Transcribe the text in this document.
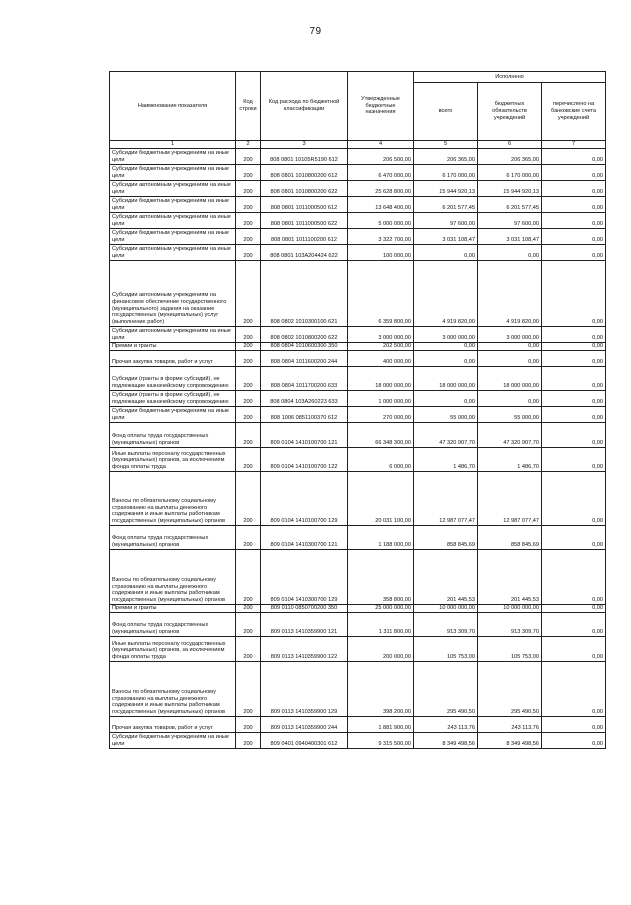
79
Наименование показателя	Код строки	Код расхода по бюджетной классификации	Утвержденные бюджетные назначения	Исполнено		
				всего	бюджетных обязательств учреждений	перечислено на банковские счета учреждений
1	2	3	4	5	6	7
Субсидии бюджетным учреждениям на иные цели	200	808 0801 10105R5190 612	206 500,00	206 365,00	206 365,00	0,00
Субсидии бюджетным учреждениям на иные цели	200	808 0801 1010800200 612	6 470 000,00	6 170 000,00	6 170 000,00	0,00
Субсидии автономным учреждениям на иные цели	200	808 0801 1010800200 622	25 628 800,00	15 944 920,13	15 944 920,13	0,00
Субсидии бюджетным учреждениям на иные цели	200	808 0801 1011000500 612	13 648 400,00	6 201 577,45	6 201 577,45	0,00
Субсидии автономным учреждениям на иные цели	200	808 0801 1011000500 622	5 000 000,00	97 600,00	97 600,00	0,00
Субсидии бюджетным учреждениям на иные цели	200	808 0801 1011100200 612	3 322 700,00	3 031 108,47	3 031 108,47	0,00
Субсидии автономным учреждениям на иные цели	200	808 0801 103A204424 622	100 000,00	0,00	0,00	0,00
Субсидии автономным учреждениям на финансовое обеспечение государственного (муниципального) задания на оказание государственных (муниципальных) услуг (выполнение работ)	200	808 0802 1010300100 621	6 359 800,00	4 919 820,00	4 919 820,00	0,00
Субсидии автономным учреждениям на иные цели	200	808 0802 1010800200 622	3 000 000,00	3 000 000,00	3 000 000,00	0,00
Премии и гранты	200	808 0804 1010600300 350	202 500,00	0,00	0,00	0,00
Прочая закупка товаров, работ и услуг	200	808 0804 1011600200 244	400 000,00	0,00	0,00	0,00
Субсидии (гранты в форме субсидий), не подлежащие казначейскому сопровождению	200	808 0804 1011700200 633	18 000 000,00	18 000 000,00	18 000 000,00	0,00
Субсидии (гранты в форме субсидий), не подлежащие казначейскому сопровождению	200	808 0804 103A260223 633	1 000 000,00	0,00	0,00	0,00
Субсидии бюджетным учреждениям на иные цели	200	808 1006 0851100370 612	270 000,00	55 000,00	55 000,00	0,00
Фонд оплаты труда государственных (муниципальных) органов	200	809 0104 1410100700 121	66 348 300,00	47 320 907,70	47 320 907,70	0,00
Иные выплаты персоналу государственных (муниципальных) органов, за исключением фонда оплаты труда	200	809 0104 1410100700 122	6 000,00	1 486,70	1 486,70	0,00
Взносы по обязательному социальному страхованию на выплаты денежного содержания и иные выплаты работникам государственных (муниципальных) органов	200	809 0104 1410100700 129	20 031 100,00	12 987 077,47	12 987 077,47	0,00
Фонд оплаты труда государственных (муниципальных) органов	200	809 0104 1410300700 121	1 188 000,00	858 845,69	858 845,69	0,00
Взносы по обязательному социальному страхованию на выплаты денежного содержания и иные выплаты работникам государственных (муниципальных) органов	200	809 0104 1410300700 129	358 800,00	201 445,53	201 445,53	0,00
Премии и гранты	200	809 0110 0850700200 350	25 000 000,00	10 000 000,00	10 000 000,00	0,00
Фонд оплаты труда государственных (муниципальных) органов	200	809 0113 1410359900 121	1 311 800,00	913 309,70	913 309,70	0,00
Иные выплаты персоналу государственных (муниципальных) органов, за исключением фонда оплаты труда	200	809 0113 1410359900 122	200 000,00	105 753,00	105 753,00	0,00
Взносы по обязательному социальному страхованию на выплаты денежного содержания и иные выплаты работникам государственных (муниципальных) органов	200	809 0113 1410359900 129	398 200,00	295 490,50	295 490,50	0,00
Прочая закупка товаров, работ и услуг	200	809 0113 1410359900 244	1 881 900,00	243 113,76	243 113,76	0,00
Субсидии бюджетным учреждениям на иные цели	200	809 0401 0940400301 612	9 315 500,00	8 349 498,56	8 349 498,56	0,00
